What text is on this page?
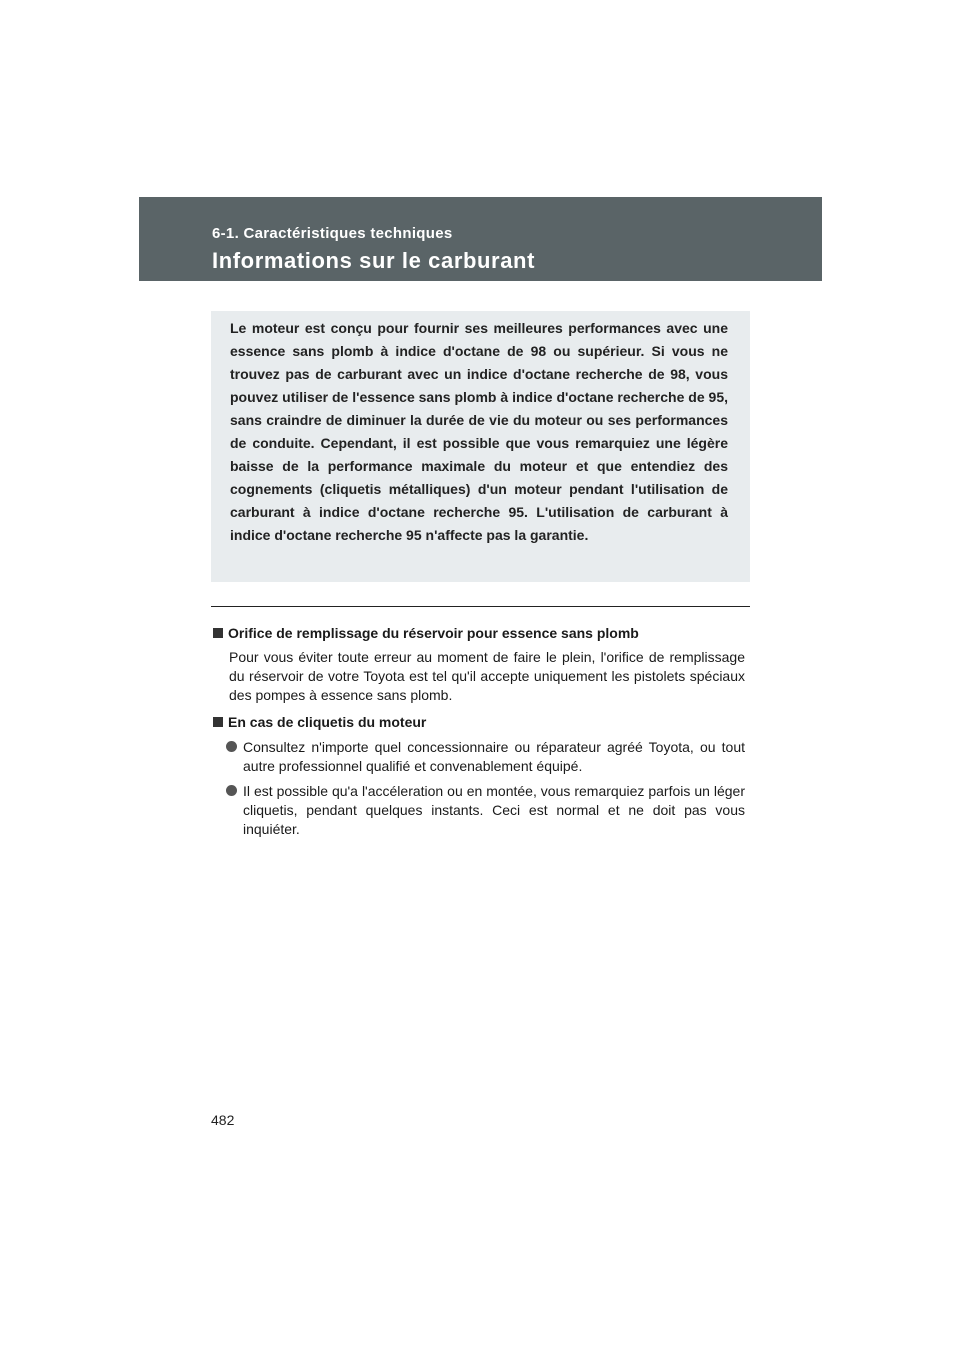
6-1. Caractéristiques techniques
Informations sur le carburant
Le moteur est conçu pour fournir ses meilleures performances avec une essence sans plomb à indice d'octane de 98 ou supérieur. Si vous ne trouvez pas de carburant avec un indice d'octane recherche de 98, vous pouvez utiliser de l'essence sans plomb à indice d'octane recherche de 95, sans craindre de diminuer la durée de vie du moteur ou ses performances de conduite. Cependant, il est possible que vous remarquiez une légère baisse de la performance maximale du moteur et que entendiez des cognements (cliquetis métalliques) d'un moteur pendant l'utilisation de carburant à indice d'octane recherche 95. L'utilisation de carburant à indice d'octane recherche 95 n'affecte pas la garantie.
Orifice de remplissage du réservoir pour essence sans plomb
Pour vous éviter toute erreur au moment de faire le plein, l'orifice de remplissage du réservoir de votre Toyota est tel qu'il accepte uniquement les pistolets spéciaux des pompes à essence sans plomb.
En cas de cliquetis du moteur
Consultez n'importe quel concessionnaire ou réparateur agréé Toyota, ou tout autre professionnel qualifié et convenablement équipé.
Il est possible qu'a l'accéleration ou en montée, vous remarquiez parfois un léger cliquetis, pendant quelques instants. Ceci est normal et ne doit pas vous inquiéter.
482
